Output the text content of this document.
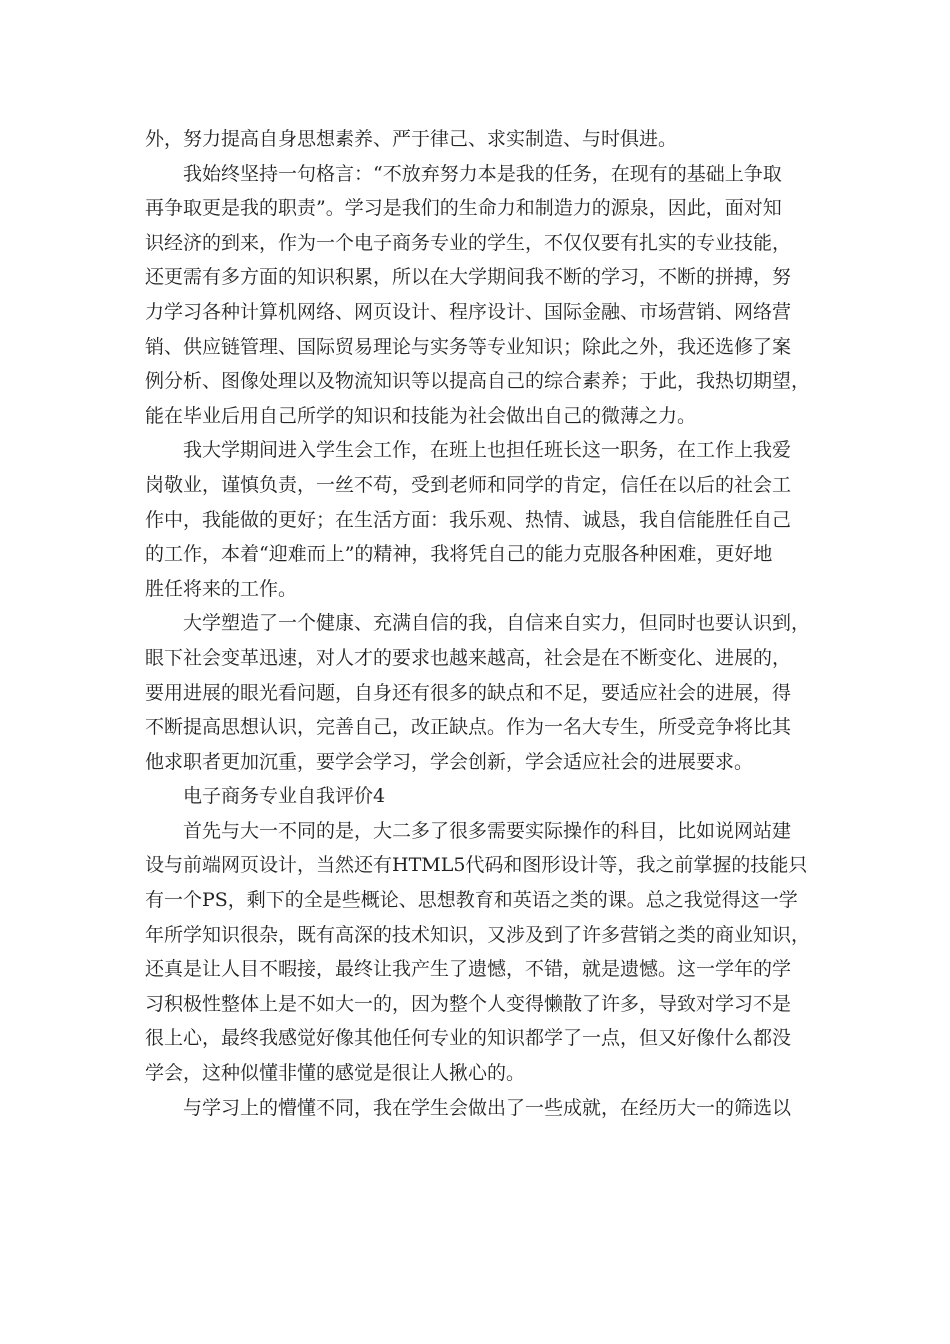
外，努力提高自身思想素养、严于律己、求实制造、与时俱进。
我始终坚持一句格言：“不放弃努力本是我的任务，在现有的基础上争取
再争取更是我的职责”。学习是我们的生命力和制造力的源泉，因此，面对知
识经济的到来，作为一个电子商务专业的学生，不仅仅要有扎实的专业技能，
还更需有多方面的知识积累，所以在大学期间我不断的学习，不断的拼搏，努
力学习各种计算机网络、网页设计、程序设计、国际金融、市场营销、网络营
销、供应链管理、国际贸易理论与实务等专业知识；除此之外，我还选修了案
例分析、图像处理以及物流知识等以提高自己的综合素养；于此，我热切期望，
能在毕业后用自己所学的知识和技能为社会做出自己的微薄之力。
我大学期间进入学生会工作，在班上也担任班长这一职务，在工作上我爱
岗敬业，谨慎负责，一丝不苟，受到老师和同学的肯定，信任在以后的社会工
作中，我能做的更好；在生活方面：我乐观、热情、诚恳，我自信能胜任自己
的工作，本着“迎难而上”的精神，我将凭自己的能力克服各种困难，更好地
胜任将来的工作。
大学塑造了一个健康、充满自信的我，自信来自实力，但同时也要认识到，
眼下社会变革迅速，对人才的要求也越来越高，社会是在不断变化、进展的，
要用进展的眼光看问题，自身还有很多的缺点和不足，要适应社会的进展，得
不断提高思想认识，完善自己，改正缺点。作为一名大专生，所受竞争将比其
他求职者更加沉重，要学会学习，学会创新，学会适应社会的进展要求。
电子商务专业自我评价4
首先与大一不同的是，大二多了很多需要实际操作的科目，比如说网站建
设与前端网页设计，当然还有HTML5代码和图形设计等，我之前掌握的技能只
有一个PS，剩下的全是些概论、思想教育和英语之类的课。总之我觉得这一学
年所学知识很杂，既有高深的技术知识，又涉及到了许多营销之类的商业知识，
还真是让人目不暇接，最终让我产生了遗憾，不错，就是遗憾。这一学年的学
习积极性整体上是不如大一的，因为整个人变得懒散了许多，导致对学习不是
很上心，最终我感觉好像其他任何专业的知识都学了一点，但又好像什么都没
学会，这种似懂非懂的感觉是很让人揪心的。
与学习上的懵懂不同，我在学生会做出了一些成就，在经历大一的筛选以
